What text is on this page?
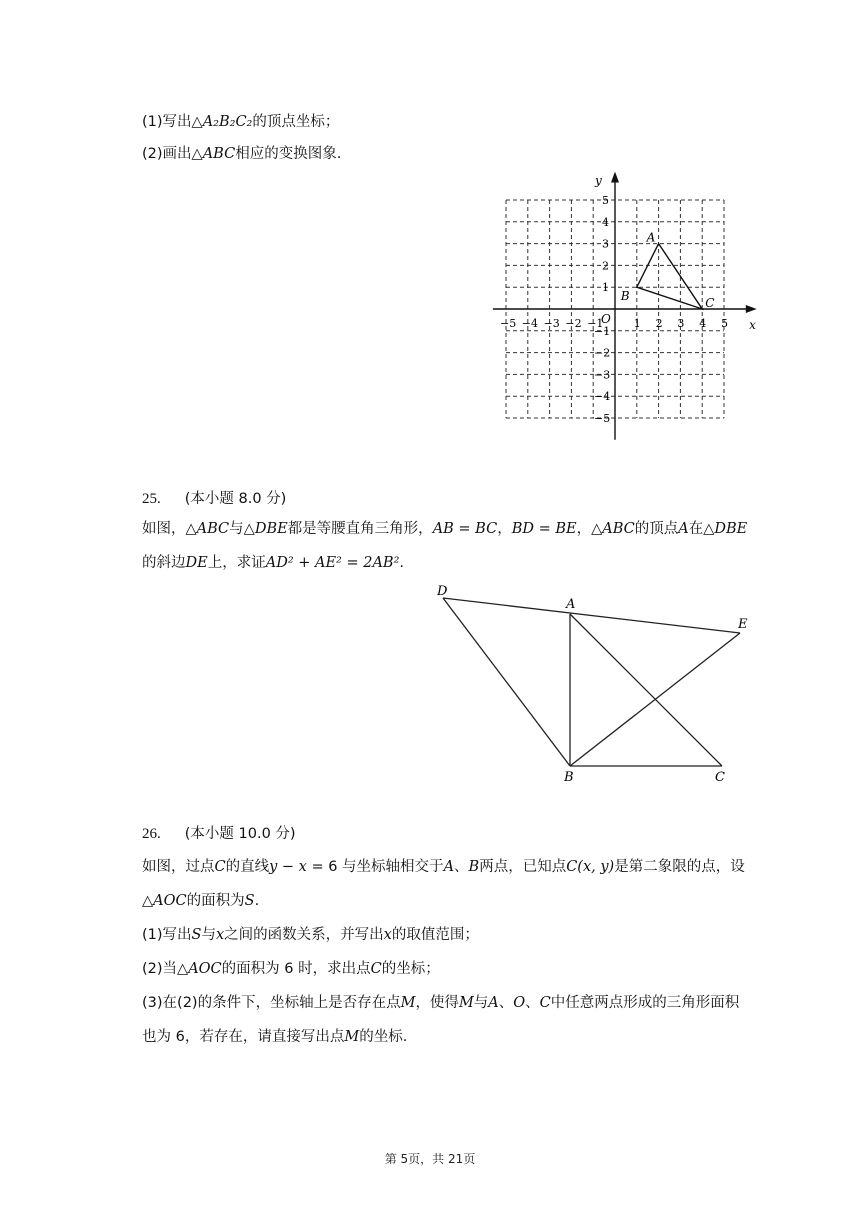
(1)写出△A₂B₂C₂的顶点坐标；
(2)画出△ABC相应的变换图象.
x
y
O
−5 −4 −3 −2 −1	1 2 3 4 5
5
4
3
2
1
−1
−2
−3
−4
−5
A
B	C
25. (本小题 8.0 分)
如图，△ABC与△DBE都是等腰直角三角形，AB = BC，BD = BE，△ABC的顶点A在△DBE
的斜边DE上，求证AD² + AE² = 2AB².
D
A
E
B	C
26. (本小题 10.0 分)
如图，过点C的直线y − x = 6 与坐标轴相交于A、B两点，已知点C(x, y)是第二象限的点，设
△AOC的面积为S.
(1)写出S与x之间的函数关系，并写出x的取值范围；
(2)当△AOC的面积为 6 时，求出点C的坐标；
(3)在(2)的条件下，坐标轴上是否存在点M，使得M与A、O、C中任意两点形成的三角形面积
也为 6，若存在，请直接写出点M的坐标.
第 5页，共 21页
